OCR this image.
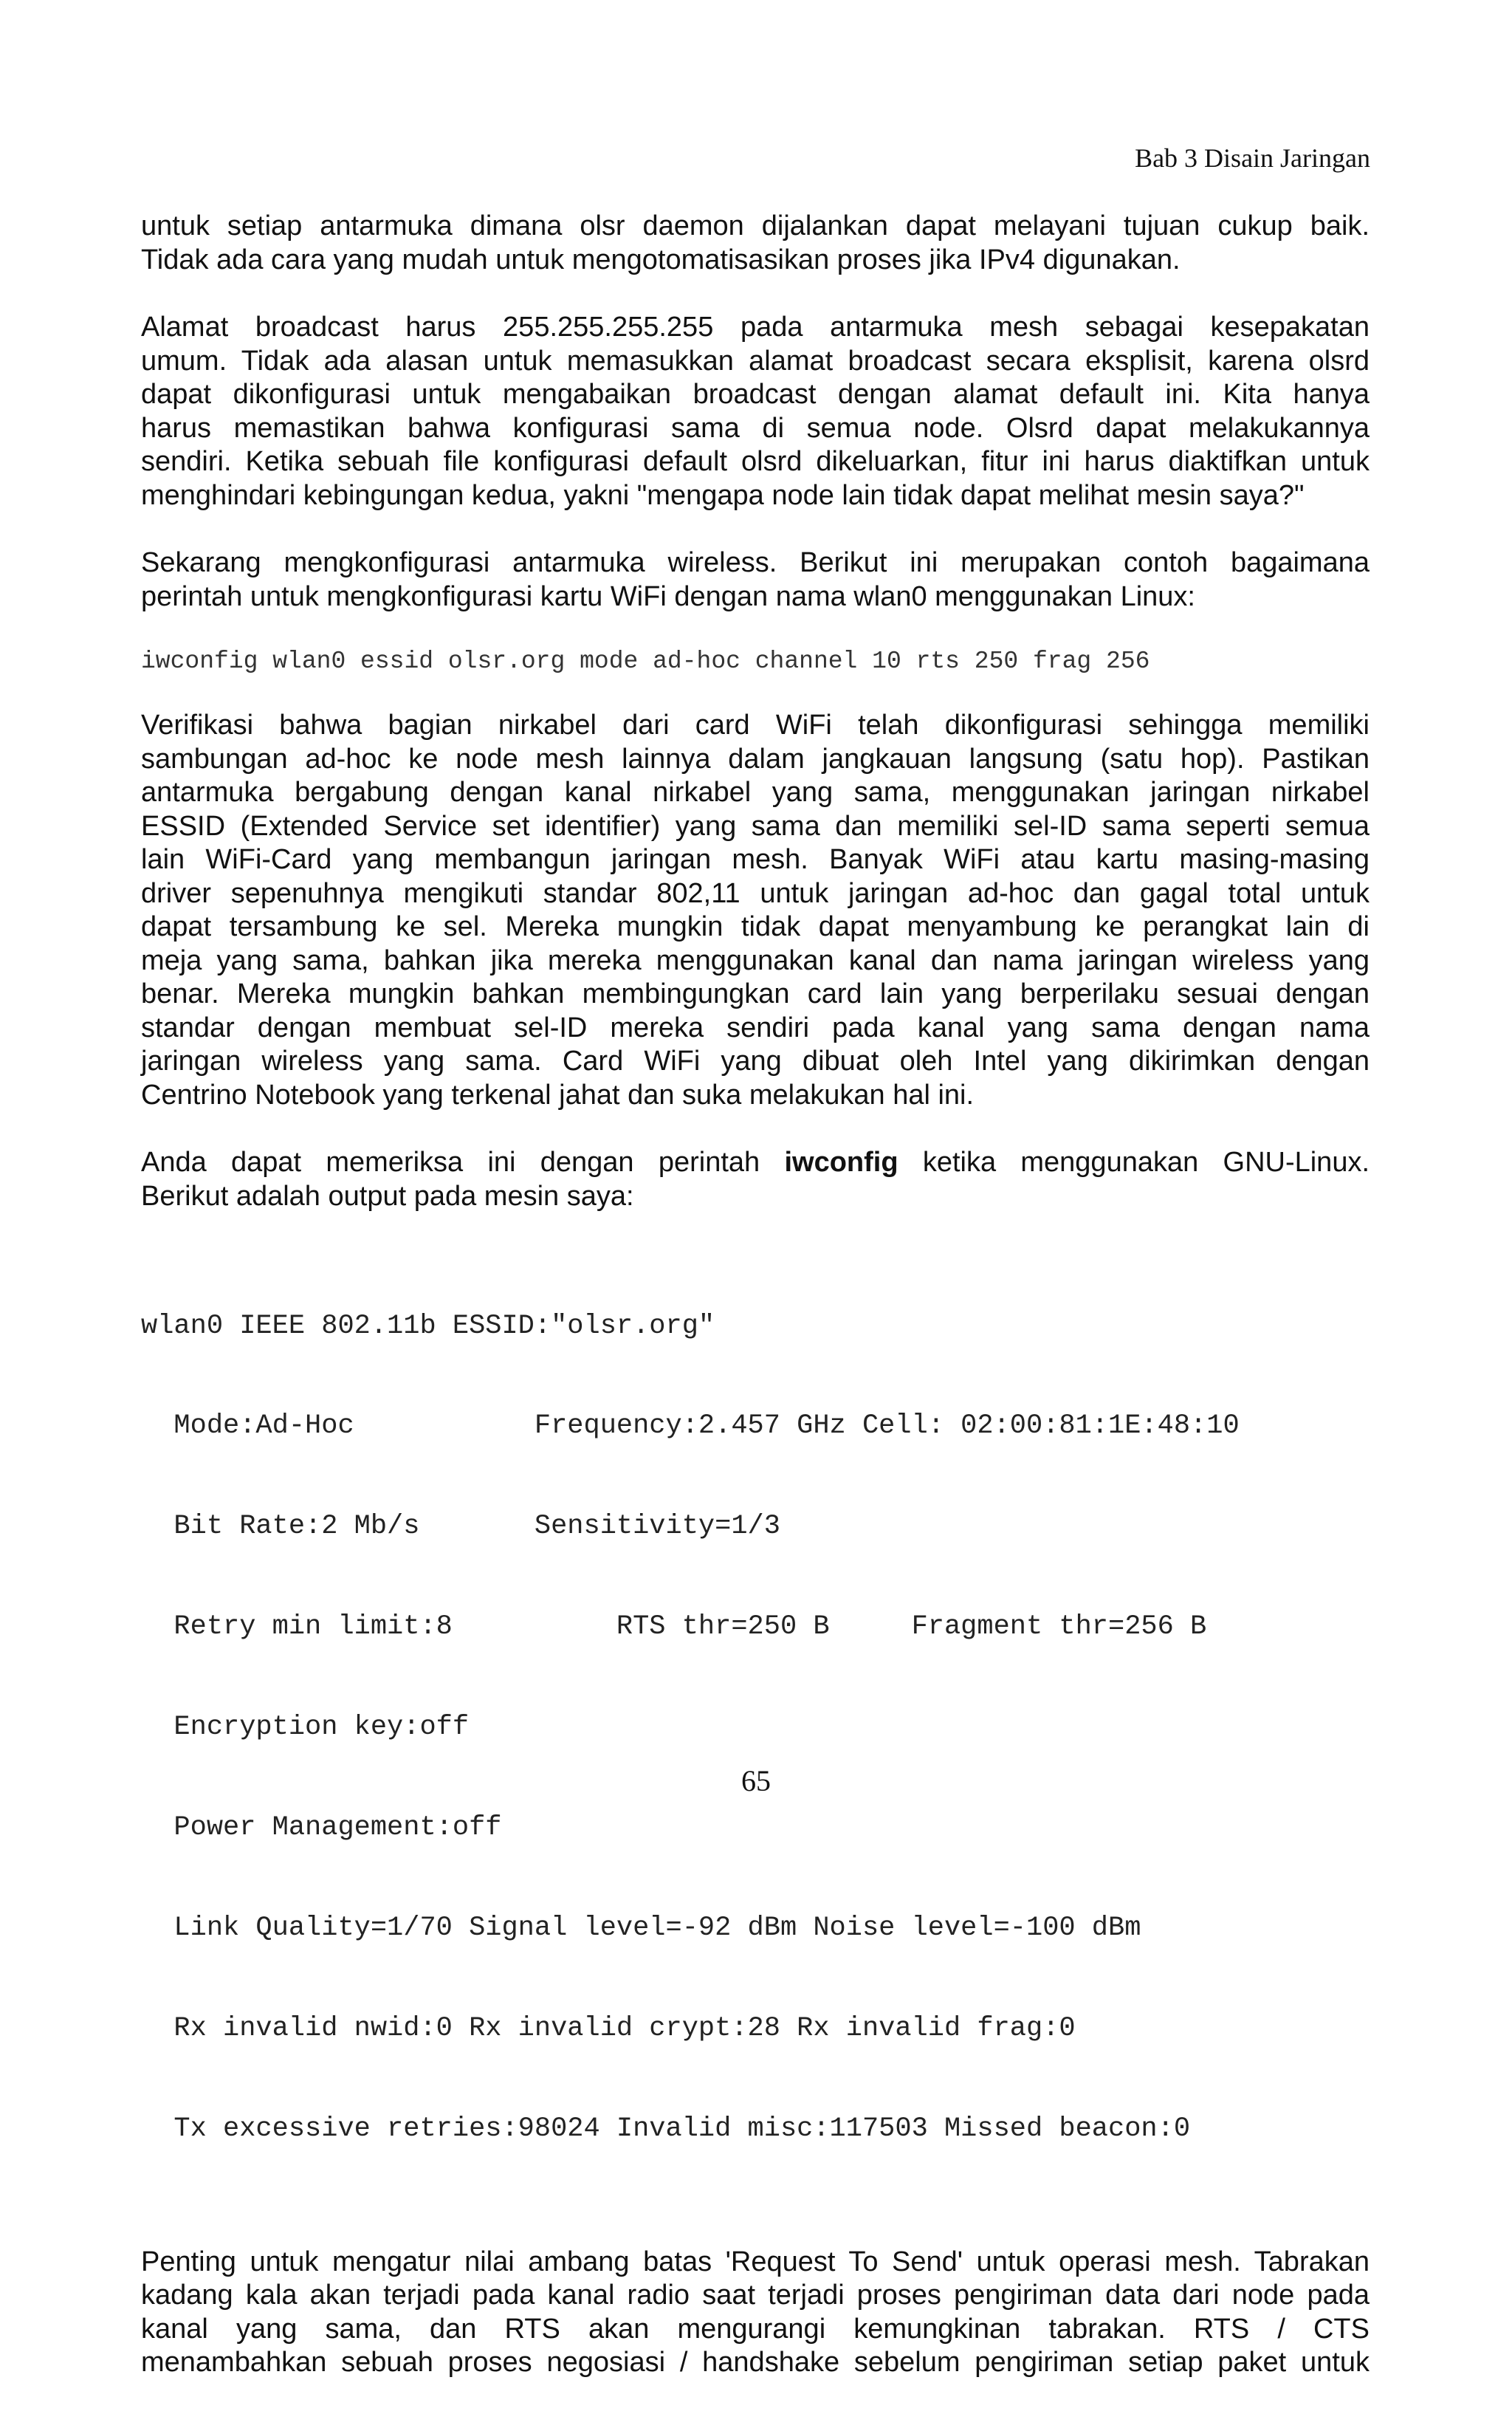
Bab 3 Disain Jaringan

untuk setiap antarmuka dimana olsr daemon dijalankan dapat melayani tujuan cukup baik.
Tidak ada cara yang mudah untuk mengotomatisasikan proses jika IPv4 digunakan.

Alamat broadcast harus 255.255.255.255 pada antarmuka mesh sebagai kesepakatan
umum. Tidak ada alasan untuk memasukkan alamat broadcast secara eksplisit, karena olsrd
dapat dikonfigurasi untuk mengabaikan broadcast dengan alamat default ini. Kita hanya
harus memastikan bahwa konfigurasi sama di semua node. Olsrd dapat melakukannya
sendiri. Ketika sebuah file konfigurasi default olsrd dikeluarkan, fitur ini harus diaktifkan untuk
menghindari kebingungan kedua, yakni "mengapa node lain tidak dapat melihat mesin saya?"

Sekarang mengkonfigurasi antarmuka wireless. Berikut ini merupakan contoh bagaimana
perintah untuk mengkonfigurasi kartu WiFi dengan nama wlan0 menggunakan Linux:

iwconfig wlan0 essid olsr.org mode ad-hoc channel 10 rts 250 frag 256

Verifikasi bahwa bagian nirkabel dari card WiFi telah dikonfigurasi sehingga memiliki
sambungan ad-hoc ke node mesh lainnya dalam jangkauan langsung (satu hop). Pastikan
antarmuka bergabung dengan kanal nirkabel yang sama, menggunakan jaringan nirkabel
ESSID (Extended Service set identifier) yang sama dan memiliki sel-ID sama seperti semua
lain WiFi-Card yang membangun jaringan mesh. Banyak WiFi atau kartu masing-masing
driver sepenuhnya mengikuti standar 802,11 untuk jaringan ad-hoc dan gagal total untuk
dapat tersambung ke sel. Mereka mungkin tidak dapat menyambung ke perangkat lain di
meja yang sama, bahkan jika mereka menggunakan kanal dan nama jaringan wireless yang
benar. Mereka mungkin bahkan membingungkan card lain yang berperilaku sesuai dengan
standar dengan membuat sel-ID mereka sendiri pada kanal yang sama dengan nama
jaringan wireless yang sama. Card WiFi yang dibuat oleh Intel yang dikirimkan dengan
Centrino Notebook yang terkenal jahat dan suka melakukan hal ini.

Anda dapat memeriksa ini dengan perintah iwconfig ketika menggunakan GNU-Linux.
Berikut adalah output pada mesin saya:

wlan0 IEEE 802.11b ESSID:"olsr.org"

Mode:Ad-Hoc           Frequency:2.457 GHz Cell: 02:00:81:1E:48:10

Bit Rate:2 Mb/s       Sensitivity=1/3

Retry min limit:8          RTS thr=250 B     Fragment thr=256 B

Encryption key:off

Power Management:off

Link Quality=1/70 Signal level=-92 dBm Noise level=-100 dBm

Rx invalid nwid:0 Rx invalid crypt:28 Rx invalid frag:0

Tx excessive retries:98024 Invalid misc:117503 Missed beacon:0

Penting untuk mengatur nilai ambang batas 'Request To Send' untuk operasi mesh. Tabrakan
kadang kala akan terjadi pada kanal radio saat terjadi proses pengiriman data dari node pada
kanal yang sama, dan RTS akan mengurangi kemungkinan tabrakan. RTS / CTS
menambahkan sebuah proses negosiasi / handshake sebelum pengiriman setiap paket untuk

65
